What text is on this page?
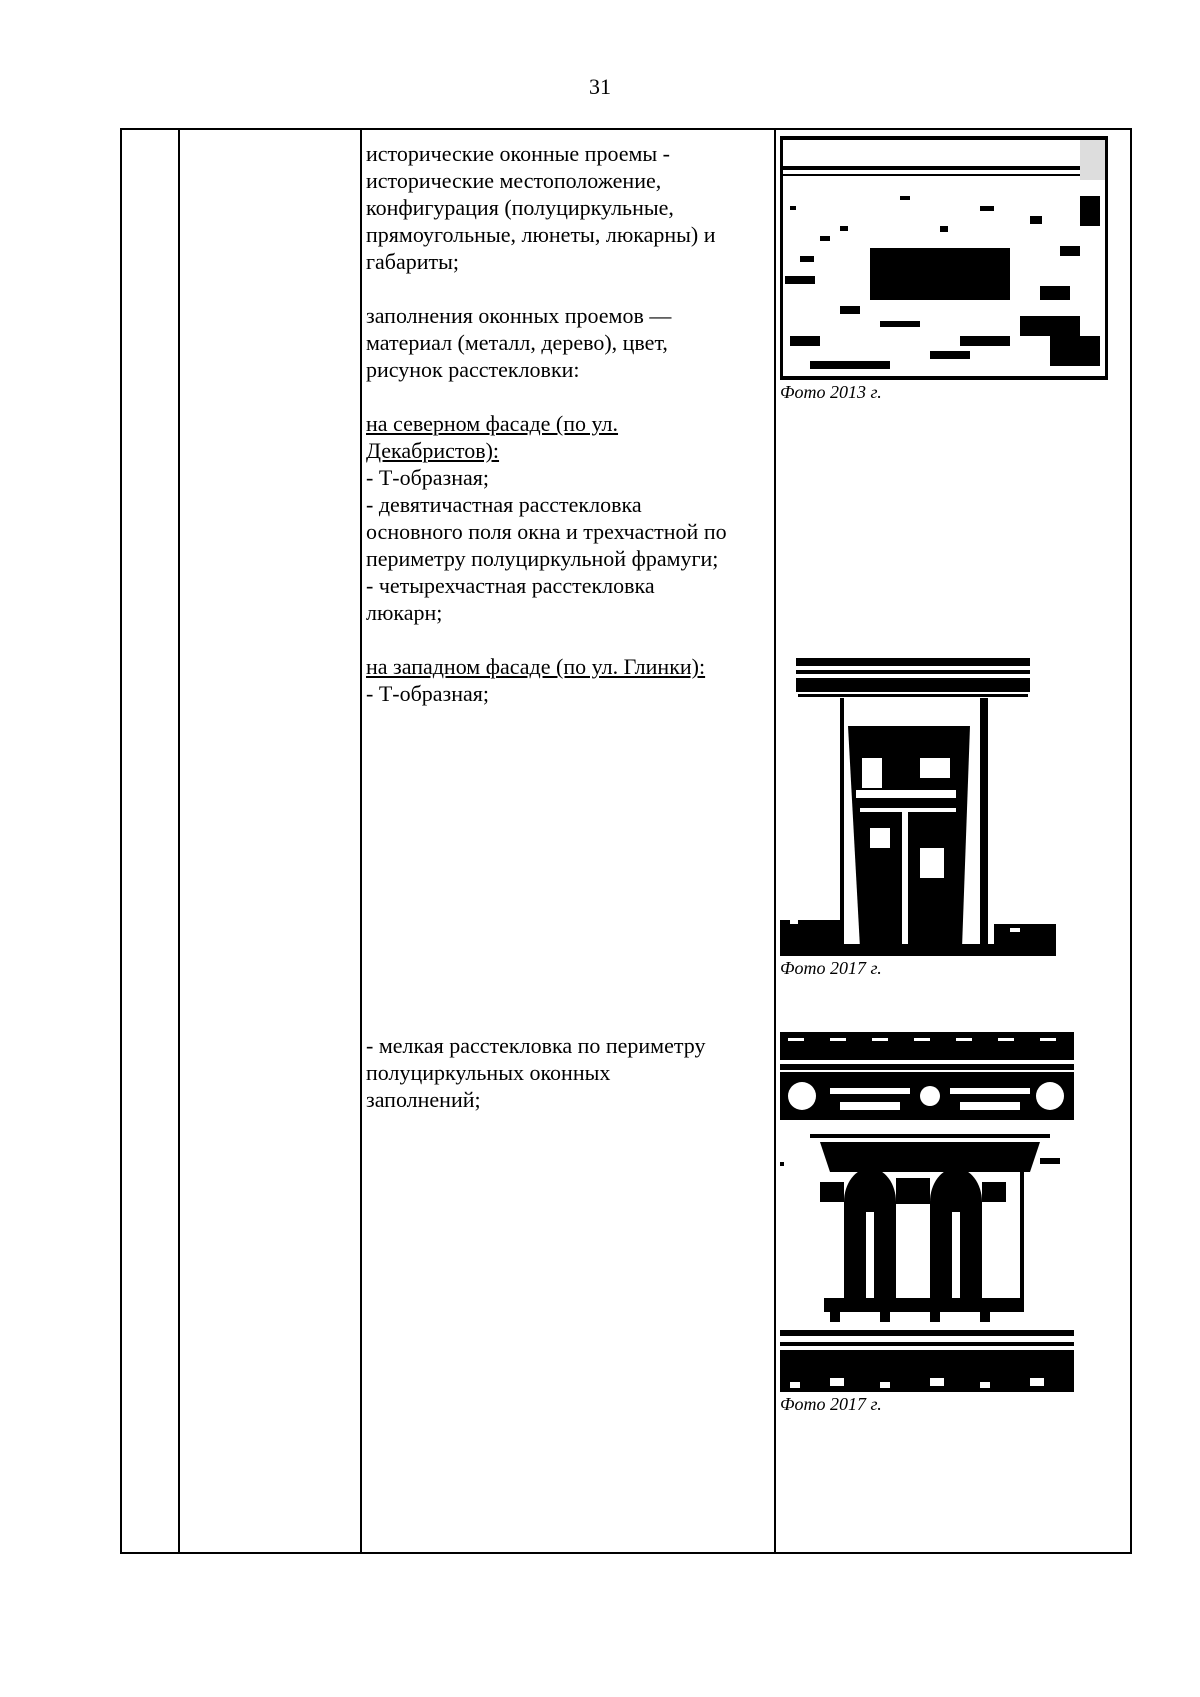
31

исторические оконные проемы -

исторические местоположение,

конфигурация (полуциркульные,

прямоугольные, люнеты, люкарны) и

габариты;

заполнения оконных проемов —

материал (металл, дерево), цвет,

рисунок расстекловки:

на северном фасаде (по ул.

Декабристов):

- Т-образная;

- девятичастная расстекловка

основного поля окна и трехчастной по

периметру полуциркульной фрамуги;

- четырехчастная расстекловка

люкарн;

на западном фасаде (по ул. Глинки):

- Т-образная;

- мелкая расстекловка по периметру

полуциркульных оконных

заполнений;

Фото 2013 г.
Фото 2017 г.
Фото 2017 г.
